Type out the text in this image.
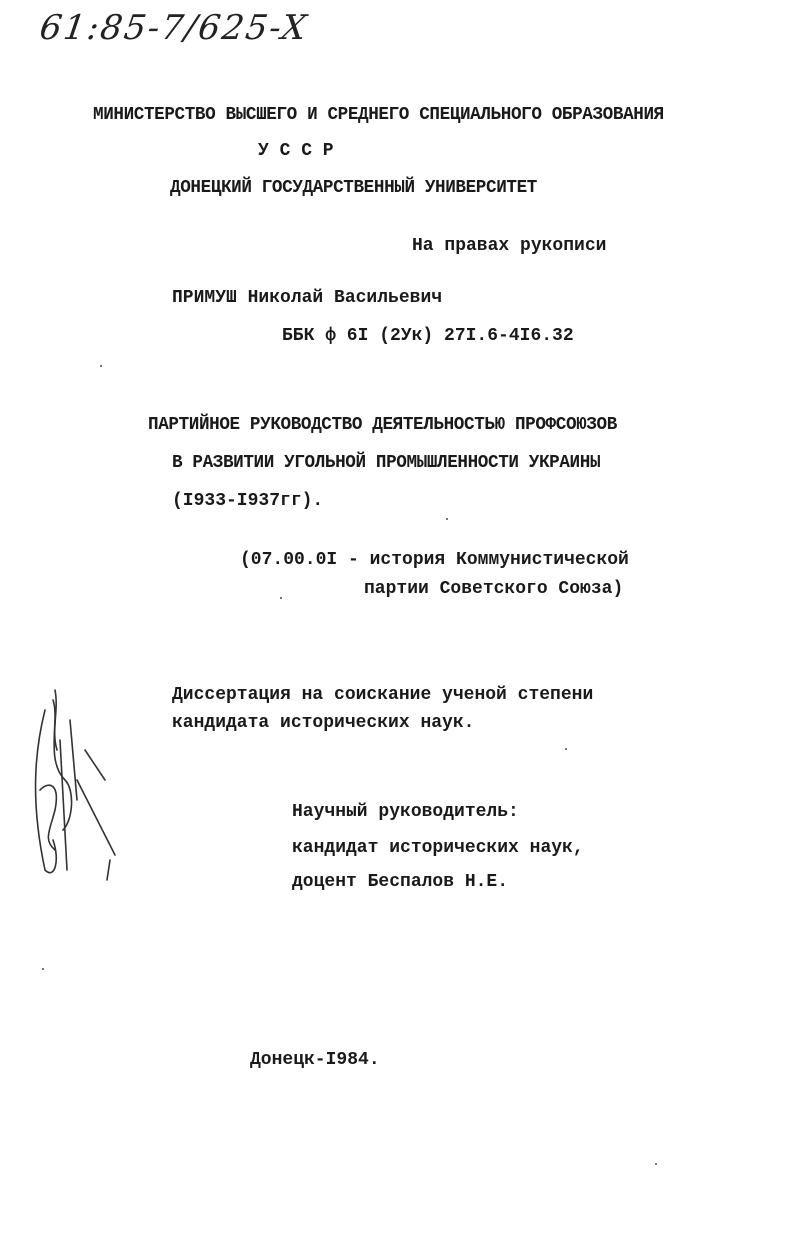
61:85-7/625-X
МИНИСТЕРСТВО ВЫСШЕГО И СРЕДНЕГО СПЕЦИАЛЬНОГО ОБРАЗОВАНИЯ
У С С Р
ДОНЕЦКИЙ ГОСУДАРСТВЕННЫЙ УНИВЕРСИТЕТ
На правах рукописи
ПРИМУШ Николай Васильевич
ББК ф 6I (2Ук) 27I.6-4I6.32
ПАРТИЙНОЕ РУКОВОДСТВО ДЕЯТЕЛЬНОСТЬЮ ПРОФСОЮЗОВ
В РАЗВИТИИ УГОЛЬНОЙ ПРОМЫШЛЕННОСТИ УКРАИНЫ
(I933-I937гг).
(07.00.0I - история Коммунистической
партии Советского Союза)
Диссертация на соискание ученой степени
кандидата исторических наук.
Научный руководитель:
кандидат исторических наук,
доцент Беспалов Н.Е.
Донецк-I984.
